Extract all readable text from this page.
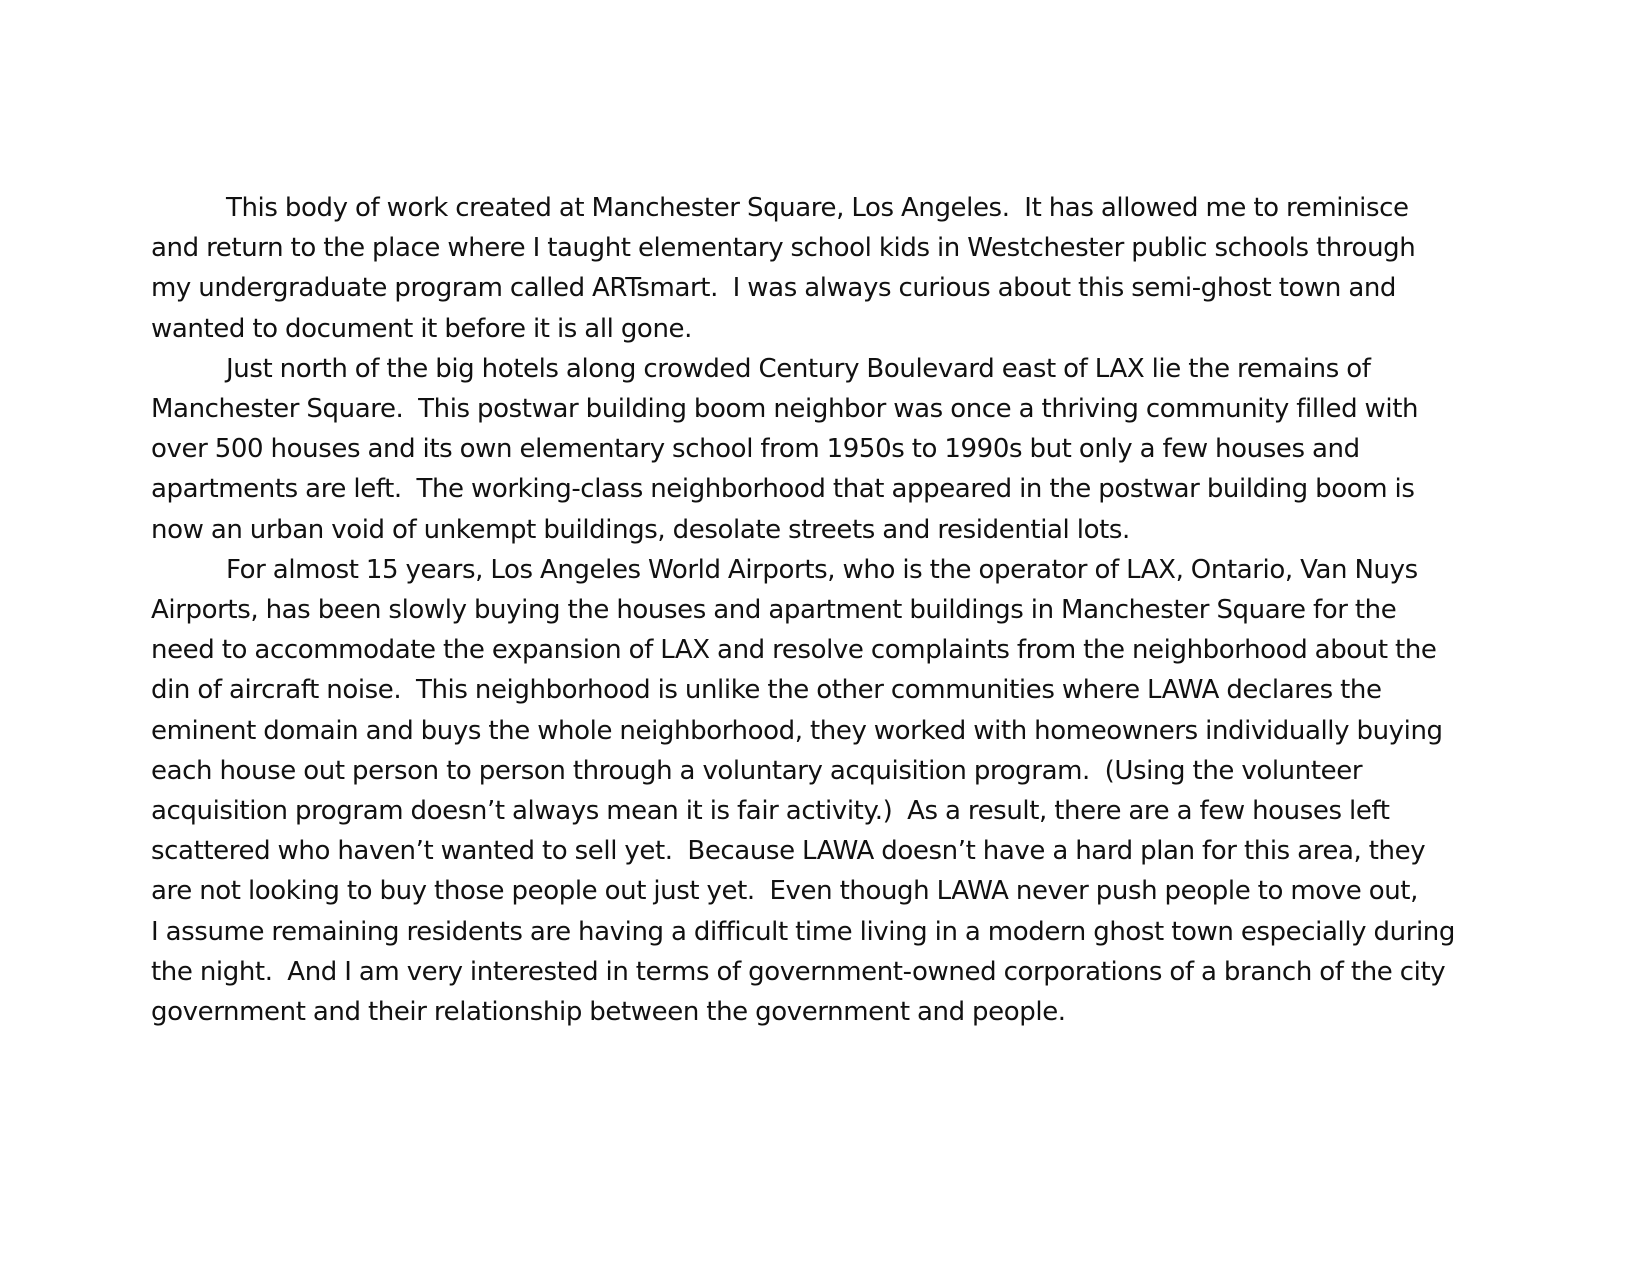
This body of work created at Manchester Square, Los Angeles.  It has allowed me to reminisce
and return to the place where I taught elementary school kids in Westchester public schools through
my undergraduate program called ARTsmart.  I was always curious about this semi-ghost town and
wanted to document it before it is all gone.
Just north of the big hotels along crowded Century Boulevard east of LAX lie the remains of
Manchester Square.  This postwar building boom neighbor was once a thriving community filled with
over 500 houses and its own elementary school from 1950s to 1990s but only a few houses and
apartments are left.  The working-class neighborhood that appeared in the postwar building boom is
now an urban void of unkempt buildings, desolate streets and residential lots.
For almost 15 years, Los Angeles World Airports, who is the operator of LAX, Ontario, Van Nuys
Airports, has been slowly buying the houses and apartment buildings in Manchester Square for the
need to accommodate the expansion of LAX and resolve complaints from the neighborhood about the
din of aircraft noise.  This neighborhood is unlike the other communities where LAWA declares the
eminent domain and buys the whole neighborhood, they worked with homeowners individually buying
each house out person to person through a voluntary acquisition program.  (Using the volunteer
acquisition program doesn’t always mean it is fair activity.)  As a result, there are a few houses left
scattered who haven’t wanted to sell yet.  Because LAWA doesn’t have a hard plan for this area, they
are not looking to buy those people out just yet.  Even though LAWA never push people to move out,
I assume remaining residents are having a difficult time living in a modern ghost town especially during
the night.  And I am very interested in terms of government-owned corporations of a branch of the city
government and their relationship between the government and people.
